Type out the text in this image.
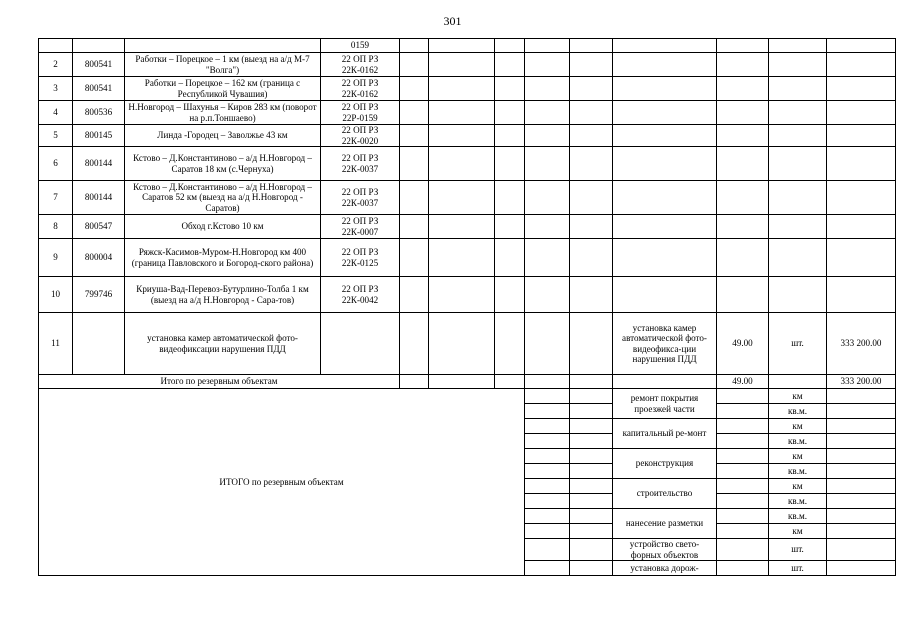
301
			0159									
2	800541	Работки – Порецкое – 1 км (выезд на а/д М-7 "Волга")	22 ОП РЗ 22К-0162									
3	800541	Работки – Порецкое – 162 км (граница с Республикой Чувашия)	22 ОП РЗ 22К-0162									
4	800536	Н.Новгород – Шахунья – Киров 283 км (поворот на р.п.Тоншаево)	22 ОП РЗ 22Р-0159									
5	800145	Линда -Городец – Заволжье 43 км	22 ОП РЗ 22К-0020									
6	800144	Кстово – Д.Константиново – а/д Н.Новгород – Саратов 18 км (с.Чернуха)	22 ОП РЗ 22К-0037									
7	800144	Кстово – Д.Константиново – а/д Н.Новгород – Саратов 52 км (выезд на а/д Н.Новгород - Саратов)	22 ОП РЗ 22К-0037									
8	800547	Обход г.Кстово 10 км	22 ОП РЗ 22К-0007									
9	800004	Ряжск-Касимов-Муром-Н.Новгород км 400 (граница Павловского и Богород-ского района)	22 ОП РЗ 22К-0125									
10	799746	Криуша-Вад-Перевоз-Бутурлино-Толба 1 км (выезд на а/д Н.Новгород - Сара-тов)	22 ОП РЗ 22К-0042									
11		установка камер автоматической фото-видеофиксации нарушения ПДД							установка камер автоматической фото- видеофикса-ции нарушения ПДД	49.00	шт.	333 200.00
Итого по резервным объектам										49.00		333 200.00
ИТОГО по резервным объектам									ремонт покрытия проезжей части		км	
											кв.м.	
									капитальный ре-монт		км	
											кв.м.	
									реконструкция		км	
											кв.м.	
									строительство		км	
											кв.м.	
									нанесение разметки		кв.м.	
											км	
									устройство свето-форных объектов		шт.	
									установка дорож-		шт.	
